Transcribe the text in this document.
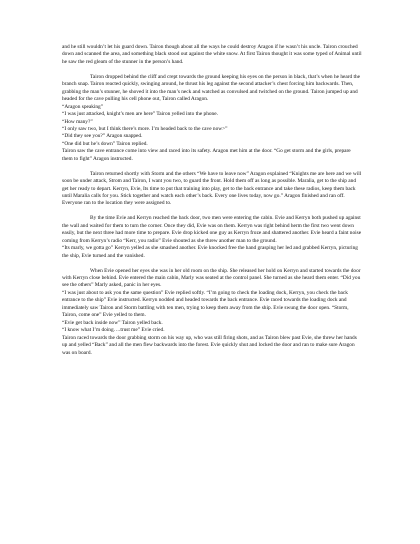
and he still wouldn’t let his guard down. Tairon though about all the ways he could destroy Aragon if he wasn’t his uncle. Tairon crouched down and scanned the area, and something black stood out against the white snow. At first Tairon thought it was some typed of Animal until he saw the red gleam of the stunner in the person’s hand.

Tairon dropped behind the cliff and crept towards the ground keeping his eyes on the person in black, that’s when he heard the branch snap. Tairon reacted quickly, swinging around, he thrust his leg against the second attacker’s chest forcing him backwards. Then, grabbing the man’s stunner, he shoved it into the man’s neck and watched as convulsed and twitched on the ground. Tairon jumped up and headed for the cave pulling his cell phone out, Tairon called Aragon.

“Aragon speaking”

“I was just attacked, knight’s men are here” Tairon yelled into the phone.

“How many?”

“I only saw two, but I think there’s more. I’m headed back to the cave now>”

“Did they see you?” Aragon snapped.

“One did but he’s down” Tairon replied.

Tairon saw the cave entrance come into view and raced into its safety. Aragon met him at the door. “Go get storm and the girls, prepare them to fight” Aragon instructed.

Tairon returned shortly with Storm and the others “We have to leave now” Aragon explained “Knights me are here and we will soon be under attack, Strom and Tairon, I want you two, to guard the front. Hold them off as long as possible. Maralia, get to the ship and get her ready to depart. Kerryn, Evie, Its time to put that training into play, get to the back entrance and take these radios, keep them back until Maralia calls for you. Stick together and watch each other’s back. Every one lives today, now go.” Aragon finished and ran off. Everyone ran to the location they were assigned to.

By the time Evie and Kerryn reached the back door, two men were entering the cabin. Evie and Kerryn both pushed up against the wall and waited for them to turn the corner. Once they did, Evie was on them. Kerryn was right behind herm the first two went down easily, but the next three had more time to prepare. Evie drop kicked one guy as Kerryn froze and shattered another. Evie heard a faint noise coming from Kerryn’s radio “Kerr, you radio” Evie shouted as she threw another man to the ground.

“Its marly, we gotta go” Kerryn yelled as she smashed another. Evie knocked free the hand grasping her led and grabbed Kerryn, picturing the ship, Evie turned and the vanished.

When Evie opened her eyes she was in her old room on the ship. She released her hold on Kerryn and started towards the door with Kerryn close behind. Evie entered the main cabin, Marly was seated at the control panel. She turned as she heard them enter. “Did you see the others” Marly asked, panic in her eyes.

“I was just about to ask you the same question” Evie replied softly. “I’m going to check the loading dock, Kerryn, you check the back entrance to the ship” Evie instructed. Kerryn nodded and headed towards the back entrance. Evie raced towards the loading dock and immediately saw Tairon and Storm battling with ten men, trying to keep them away from the ship. Evie swung the door open. “Storm, Tairon, come one” Evie yelled to them.

“Evie get back inside now” Tairon yelled back.

“I know what I’m doing….trust me” Evie cried.

Tairon raced towards the door grabbing storm on his way up, who was still firing shots, and as Tairon blew past Evie, she threw her hands up and yelled “Back” and all the men flew backwards into the forest. Evie quickly shut and locked the door and ran to make sure Aragon was on board.
